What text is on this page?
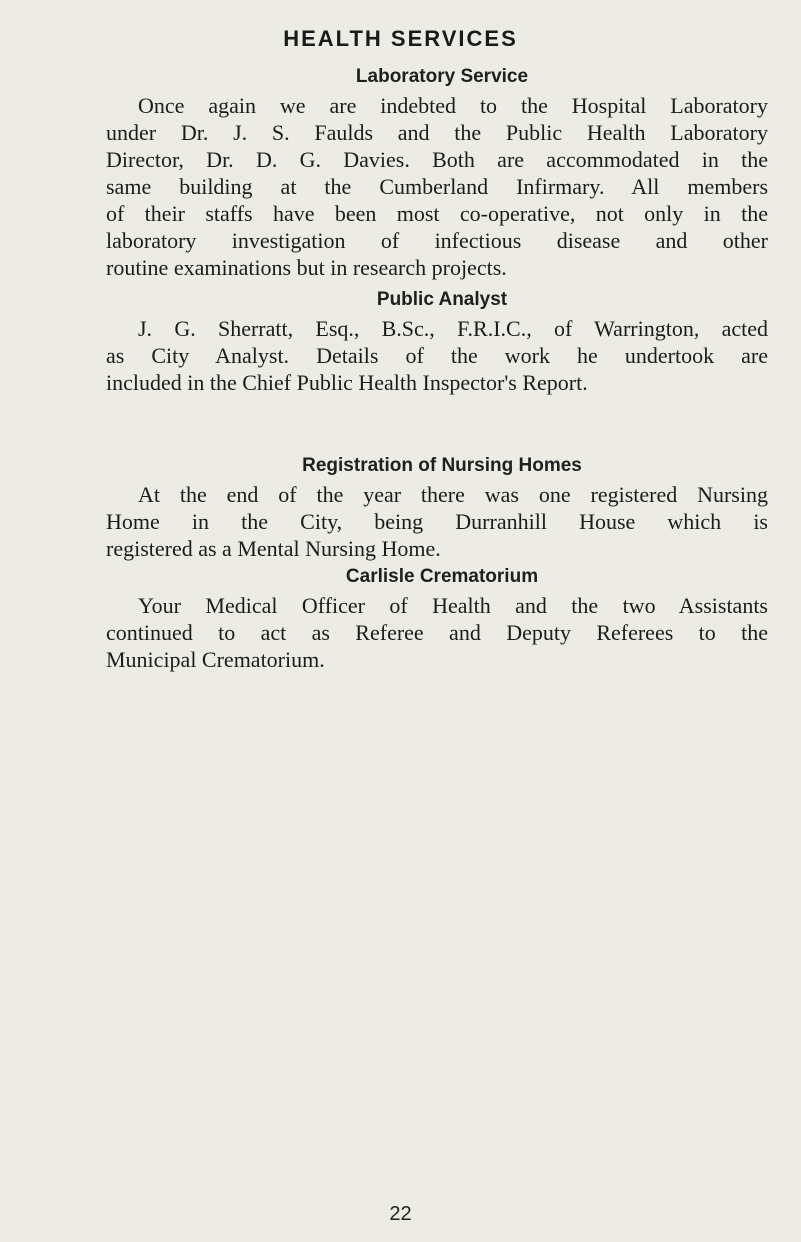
HEALTH SERVICES
Laboratory Service
Once again we are indebted to the Hospital Laboratory
under Dr. J. S. Faulds and the Public Health Laboratory
Director, Dr. D. G. Davies. Both are accommodated in the
same building at the Cumberland Infirmary. All members
of their staffs have been most co-operative, not only in the
laboratory investigation of infectious disease and other
routine examinations but in research projects.
Public Analyst
J. G. Sherratt, Esq., B.Sc., F.R.I.C., of Warrington, acted
as City Analyst. Details of the work he undertook are
included in the Chief Public Health Inspector's Report.
Registration of Nursing Homes
At the end of the year there was one registered Nursing
Home in the City, being Durranhill House which is
registered as a Mental Nursing Home.
Carlisle Crematorium
Your Medical Officer of Health and the two Assistants
continued to act as Referee and Deputy Referees to the
Municipal Crematorium.
22
